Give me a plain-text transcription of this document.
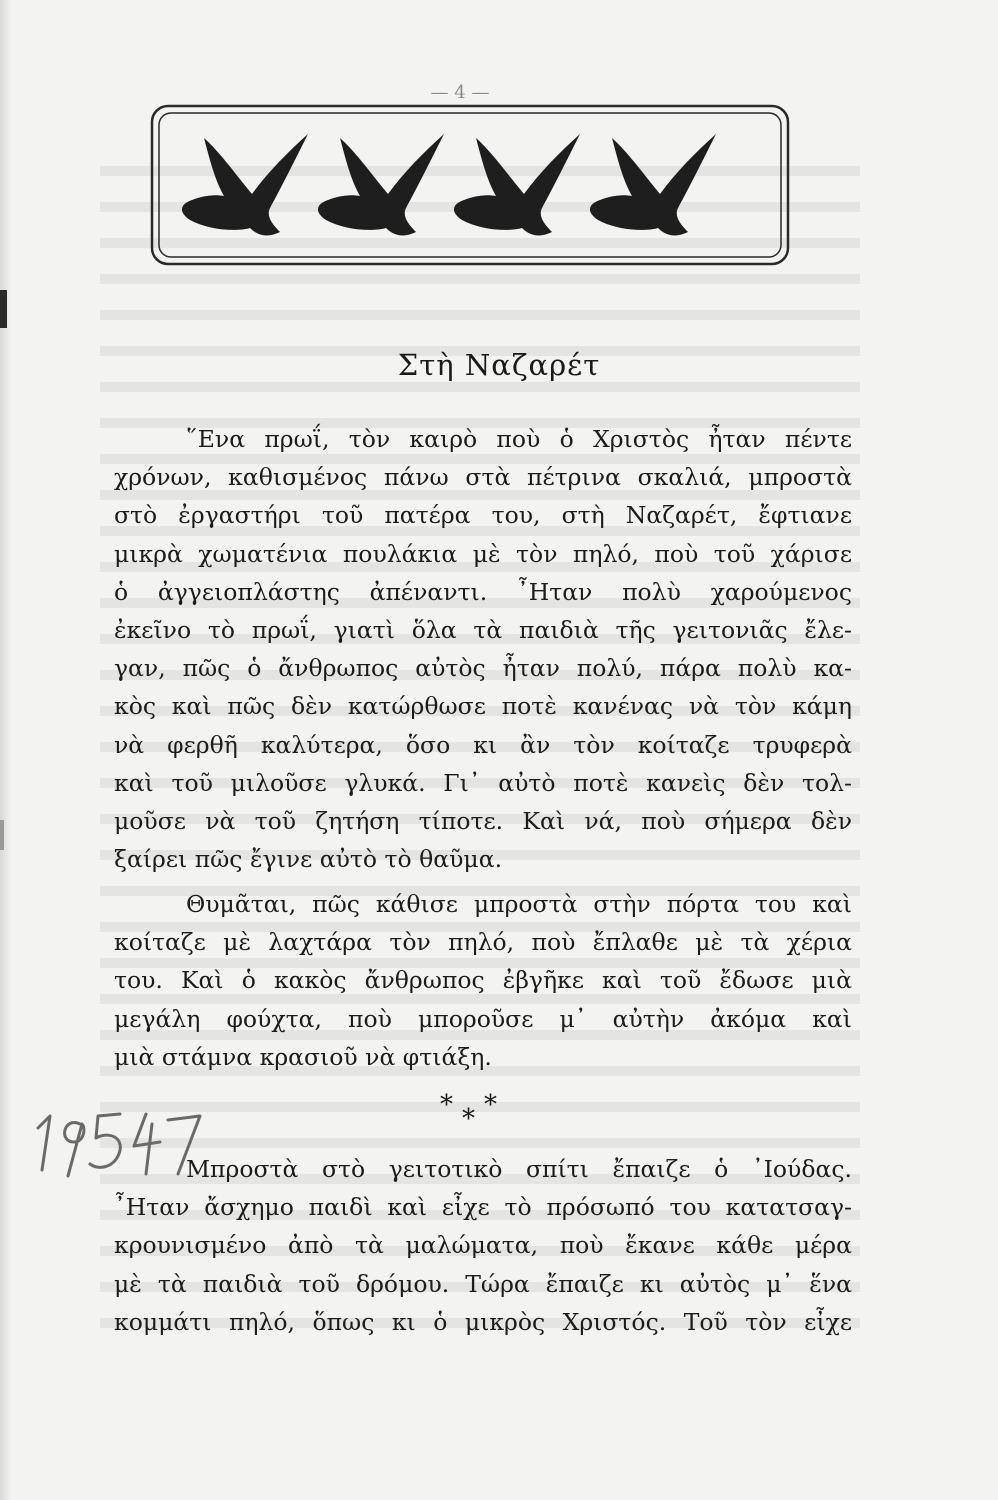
— 4 —
Στὴ Ναζαρέτ

῞Ενα πρωΐ, τὸν καιρὸ ποὺ ὁ Χριστὸς ἦταν πέντε

χρόνων, καθισμένος πάνω στὰ πέτρινα σκαλιά, μπροστὰ

στὸ ἐργαστήρι τοῦ πατέρα του, στὴ Ναζαρέτ, ἔφτιανε

μικρὰ χωματένια πουλάκια μὲ τὸν πηλό, ποὺ τοῦ χάρισε

ὁ ἀγγειοπλάστης ἀπέναντι. ῏Ηταν πολὺ χαρούμενος

ἐκεῖνο τὸ πρωΐ, γιατὶ ὅλα τὰ παιδιὰ τῆς γειτονιᾶς ἔλε-

γαν, πῶς ὁ ἄνθρωπος αὐτὸς ἦταν πολύ, πάρα πολὺ κα-

κὸς καὶ πῶς δὲν κατώρθωσε ποτὲ κανένας νὰ τὸν κάμη

νὰ φερθῆ καλύτερα, ὅσο κι ἂν τὸν κοίταζε τρυφερὰ

καὶ τοῦ μιλοῦσε γλυκά. Γι᾿ αὐτὸ ποτὲ κανεὶς δὲν τολ-

μοῦσε νὰ τοῦ ζητήση τίποτε. Καὶ νά, ποὺ σήμερα δὲν

ξαίρει πῶς ἔγινε αὐτὸ τὸ θαῦμα.

Θυμᾶται, πῶς κάθισε μπροστὰ στὴν πόρτα του καὶ

κοίταζε μὲ λαχτάρα τὸν πηλό, ποὺ ἔπλαθε μὲ τὰ χέρια

του. Καὶ ὁ κακὸς ἄνθρωπος ἐβγῆκε καὶ τοῦ ἔδωσε μιὰ

μεγάλη φούχτα, ποὺ μποροῦσε μ᾿ αὐτὴν ἀκόμα καὶ

μιὰ στάμνα κρασιοῦ νὰ φτιάξη.

* *
*

Μπροστὰ στὸ γειτοτικὸ σπίτι ἔπαιζε ὁ ᾿Ιούδας.

῏Ηταν ἄσχημο παιδὶ καὶ εἶχε τὸ πρόσωπό του κατατσαγ-

κρουνισμένο ἀπὸ τὰ μαλώματα, ποὺ ἔκανε κάθε μέρα

μὲ τὰ παιδιὰ τοῦ δρόμου. Τώρα ἔπαιζε κι αὐτὸς μ᾿ ἕνα

κομμάτι πηλό, ὅπως κι ὁ μικρὸς Χριστός. Τοῦ τὸν εἶχε
